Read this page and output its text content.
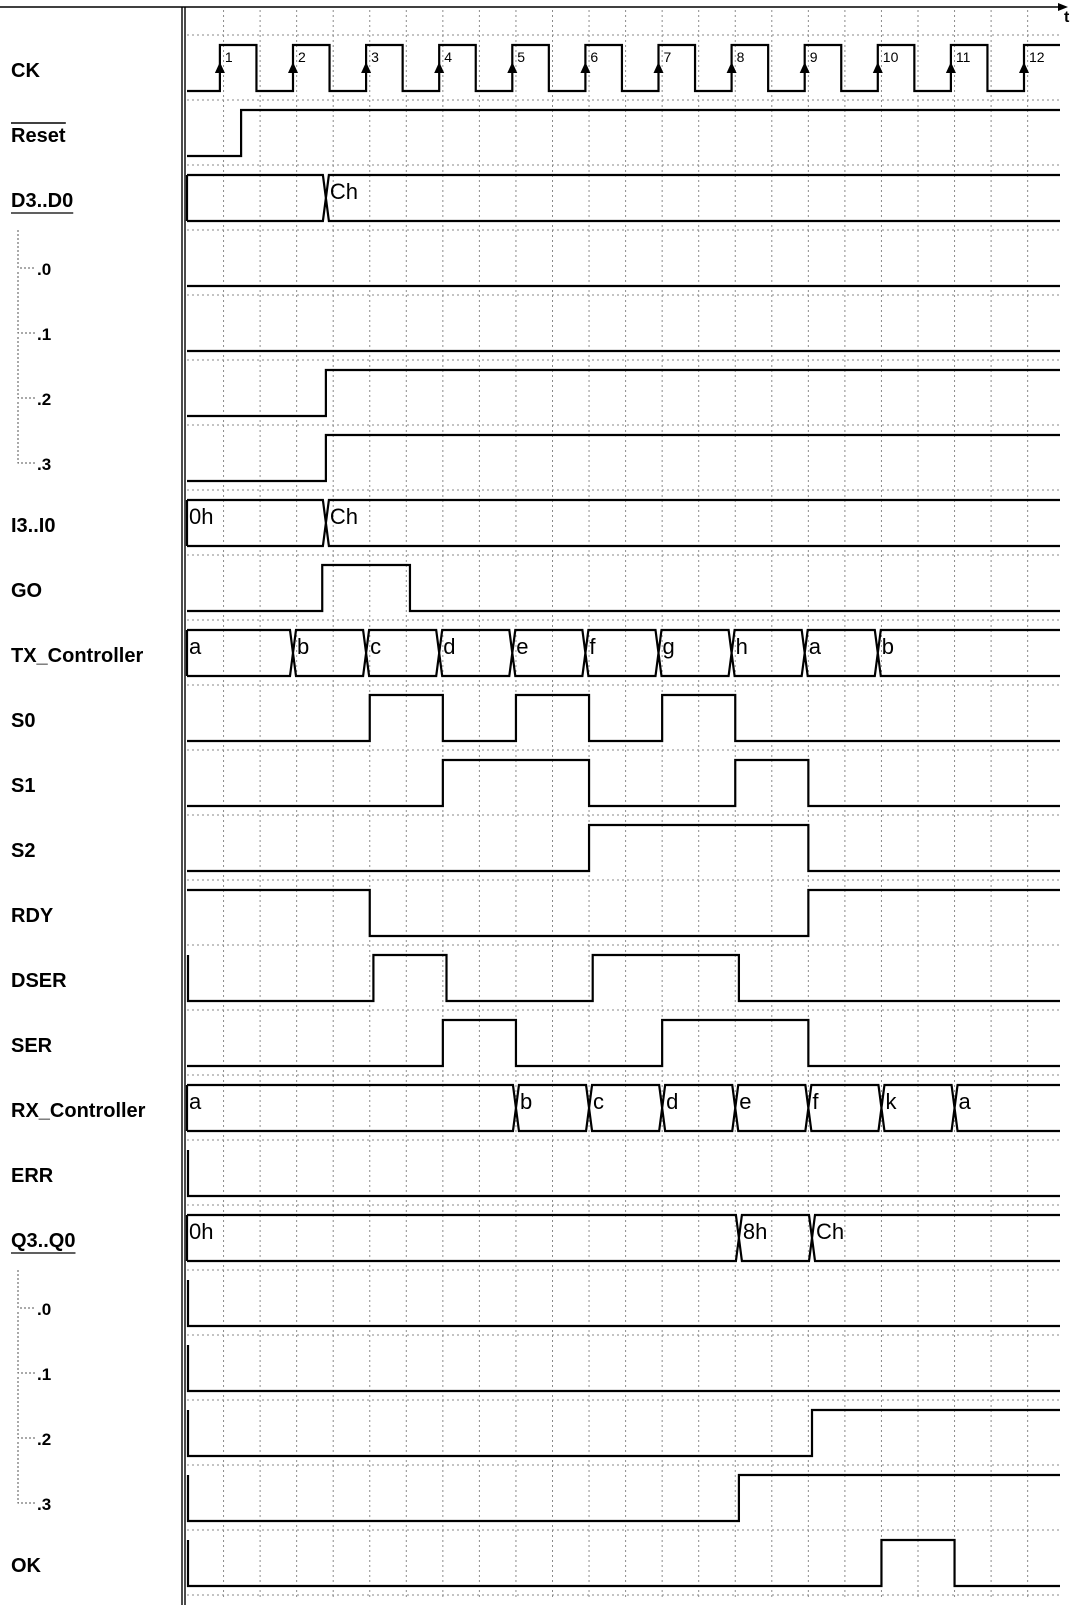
t
CK
Reset
D3..D0
.0
.1
.2
.3
I3..I0
GO
TX_Controller
S0
S1
S2
RDY
DSER
SER
RX_Controller
ERR
Q3..Q0
.0
.1
.2
.3
OK
1	2	3	4	5	6	7	8	9	10	11	12
Ch
0h	Ch
a	b	c	d	e	f	g	h	a	b
a	b	c	d	e	f	k	a
0h	8h Ch
